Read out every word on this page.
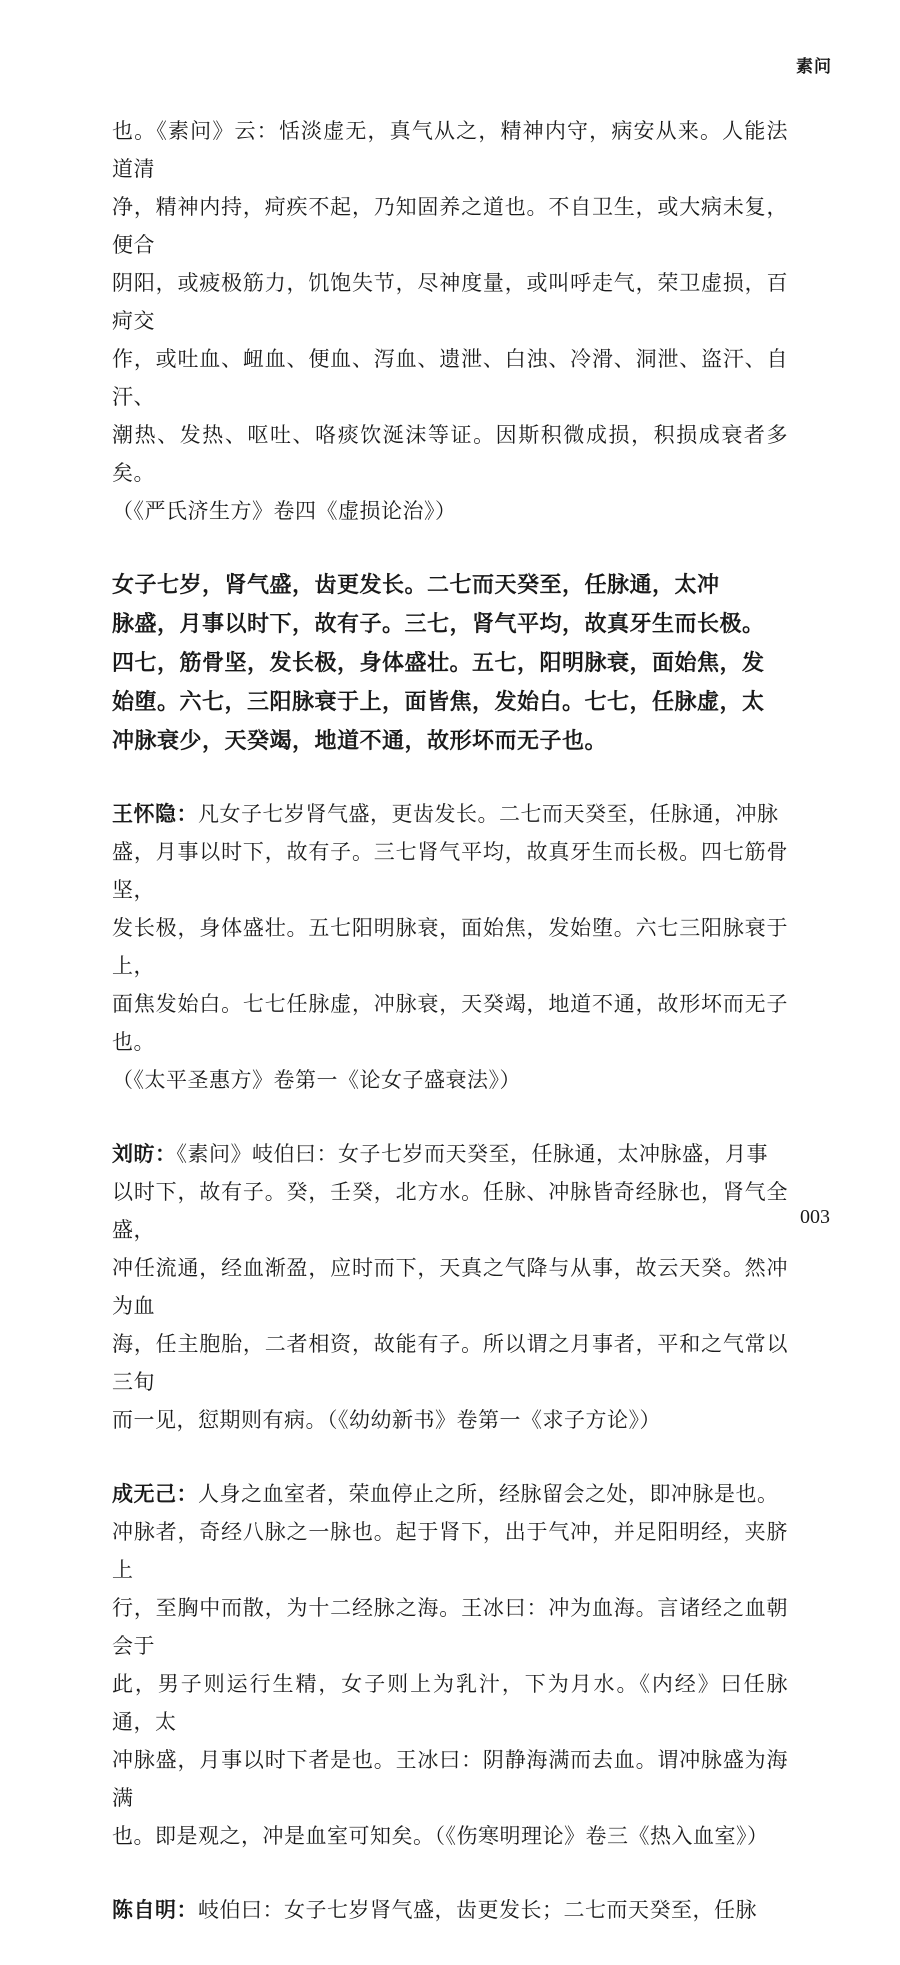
素问

也。《素问》云：恬淡虚无，真气从之，精神内守，病安从来。人能法道清
净，精神内持，疴疾不起，乃知固养之道也。不自卫生，或大病未复，便合
阴阳，或疲极筋力，饥饱失节，尽神度量，或叫呼走气，荣卫虚损，百疴交
作，或吐血、衄血、便血、泻血、遗泄、白浊、冷滑、洞泄、盗汗、自汗、
潮热、发热、呕吐、咯痰饮涎沫等证。因斯积微成损，积损成衰者多矣。
（《严氏济生方》卷四《虚损论治》）

女子七岁，肾气盛，齿更发长。二七而天癸至，任脉通，太冲
脉盛，月事以时下，故有子。三七，肾气平均，故真牙生而长极。
四七，筋骨坚，发长极，身体盛壮。五七，阳明脉衰，面始焦，发
始堕。六七，三阳脉衰于上，面皆焦，发始白。七七，任脉虚，太
冲脉衰少，天癸竭，地道不通，故形坏而无子也。

王怀隐：凡女子七岁肾气盛，更齿发长。二七而天癸至，任脉通，冲脉
盛，月事以时下，故有子。三七肾气平均，故真牙生而长极。四七筋骨坚，
发长极，身体盛壮。五七阳明脉衰，面始焦，发始堕。六七三阳脉衰于上，
面焦发始白。七七任脉虚，冲脉衰，天癸竭，地道不通，故形坏而无子也。
（《太平圣惠方》卷第一《论女子盛衰法》）

刘昉：《素问》岐伯曰：女子七岁而天癸至，任脉通，太冲脉盛，月事
以时下，故有子。癸，壬癸，北方水。任脉、冲脉皆奇经脉也，肾气全盛，
冲任流通，经血渐盈，应时而下，天真之气降与从事，故云天癸。然冲为血
海，任主胞胎，二者相资，故能有子。所以谓之月事者，平和之气常以三旬
而一见，愆期则有病。（《幼幼新书》卷第一《求子方论》）

成无己：人身之血室者，荣血停止之所，经脉留会之处，即冲脉是也。
冲脉者，奇经八脉之一脉也。起于肾下，出于气冲，并足阳明经，夹脐上
行，至胸中而散，为十二经脉之海。王冰曰：冲为血海。言诸经之血朝会于
此，男子则运行生精，女子则上为乳汁，下为月水。《内经》曰任脉通，太
冲脉盛，月事以时下者是也。王冰曰：阴静海满而去血。谓冲脉盛为海满
也。即是观之，冲是血室可知矣。（《伤寒明理论》卷三《热入血室》）

陈自明：岐伯曰：女子七岁肾气盛，齿更发长；二七而天癸至，任脉

003
